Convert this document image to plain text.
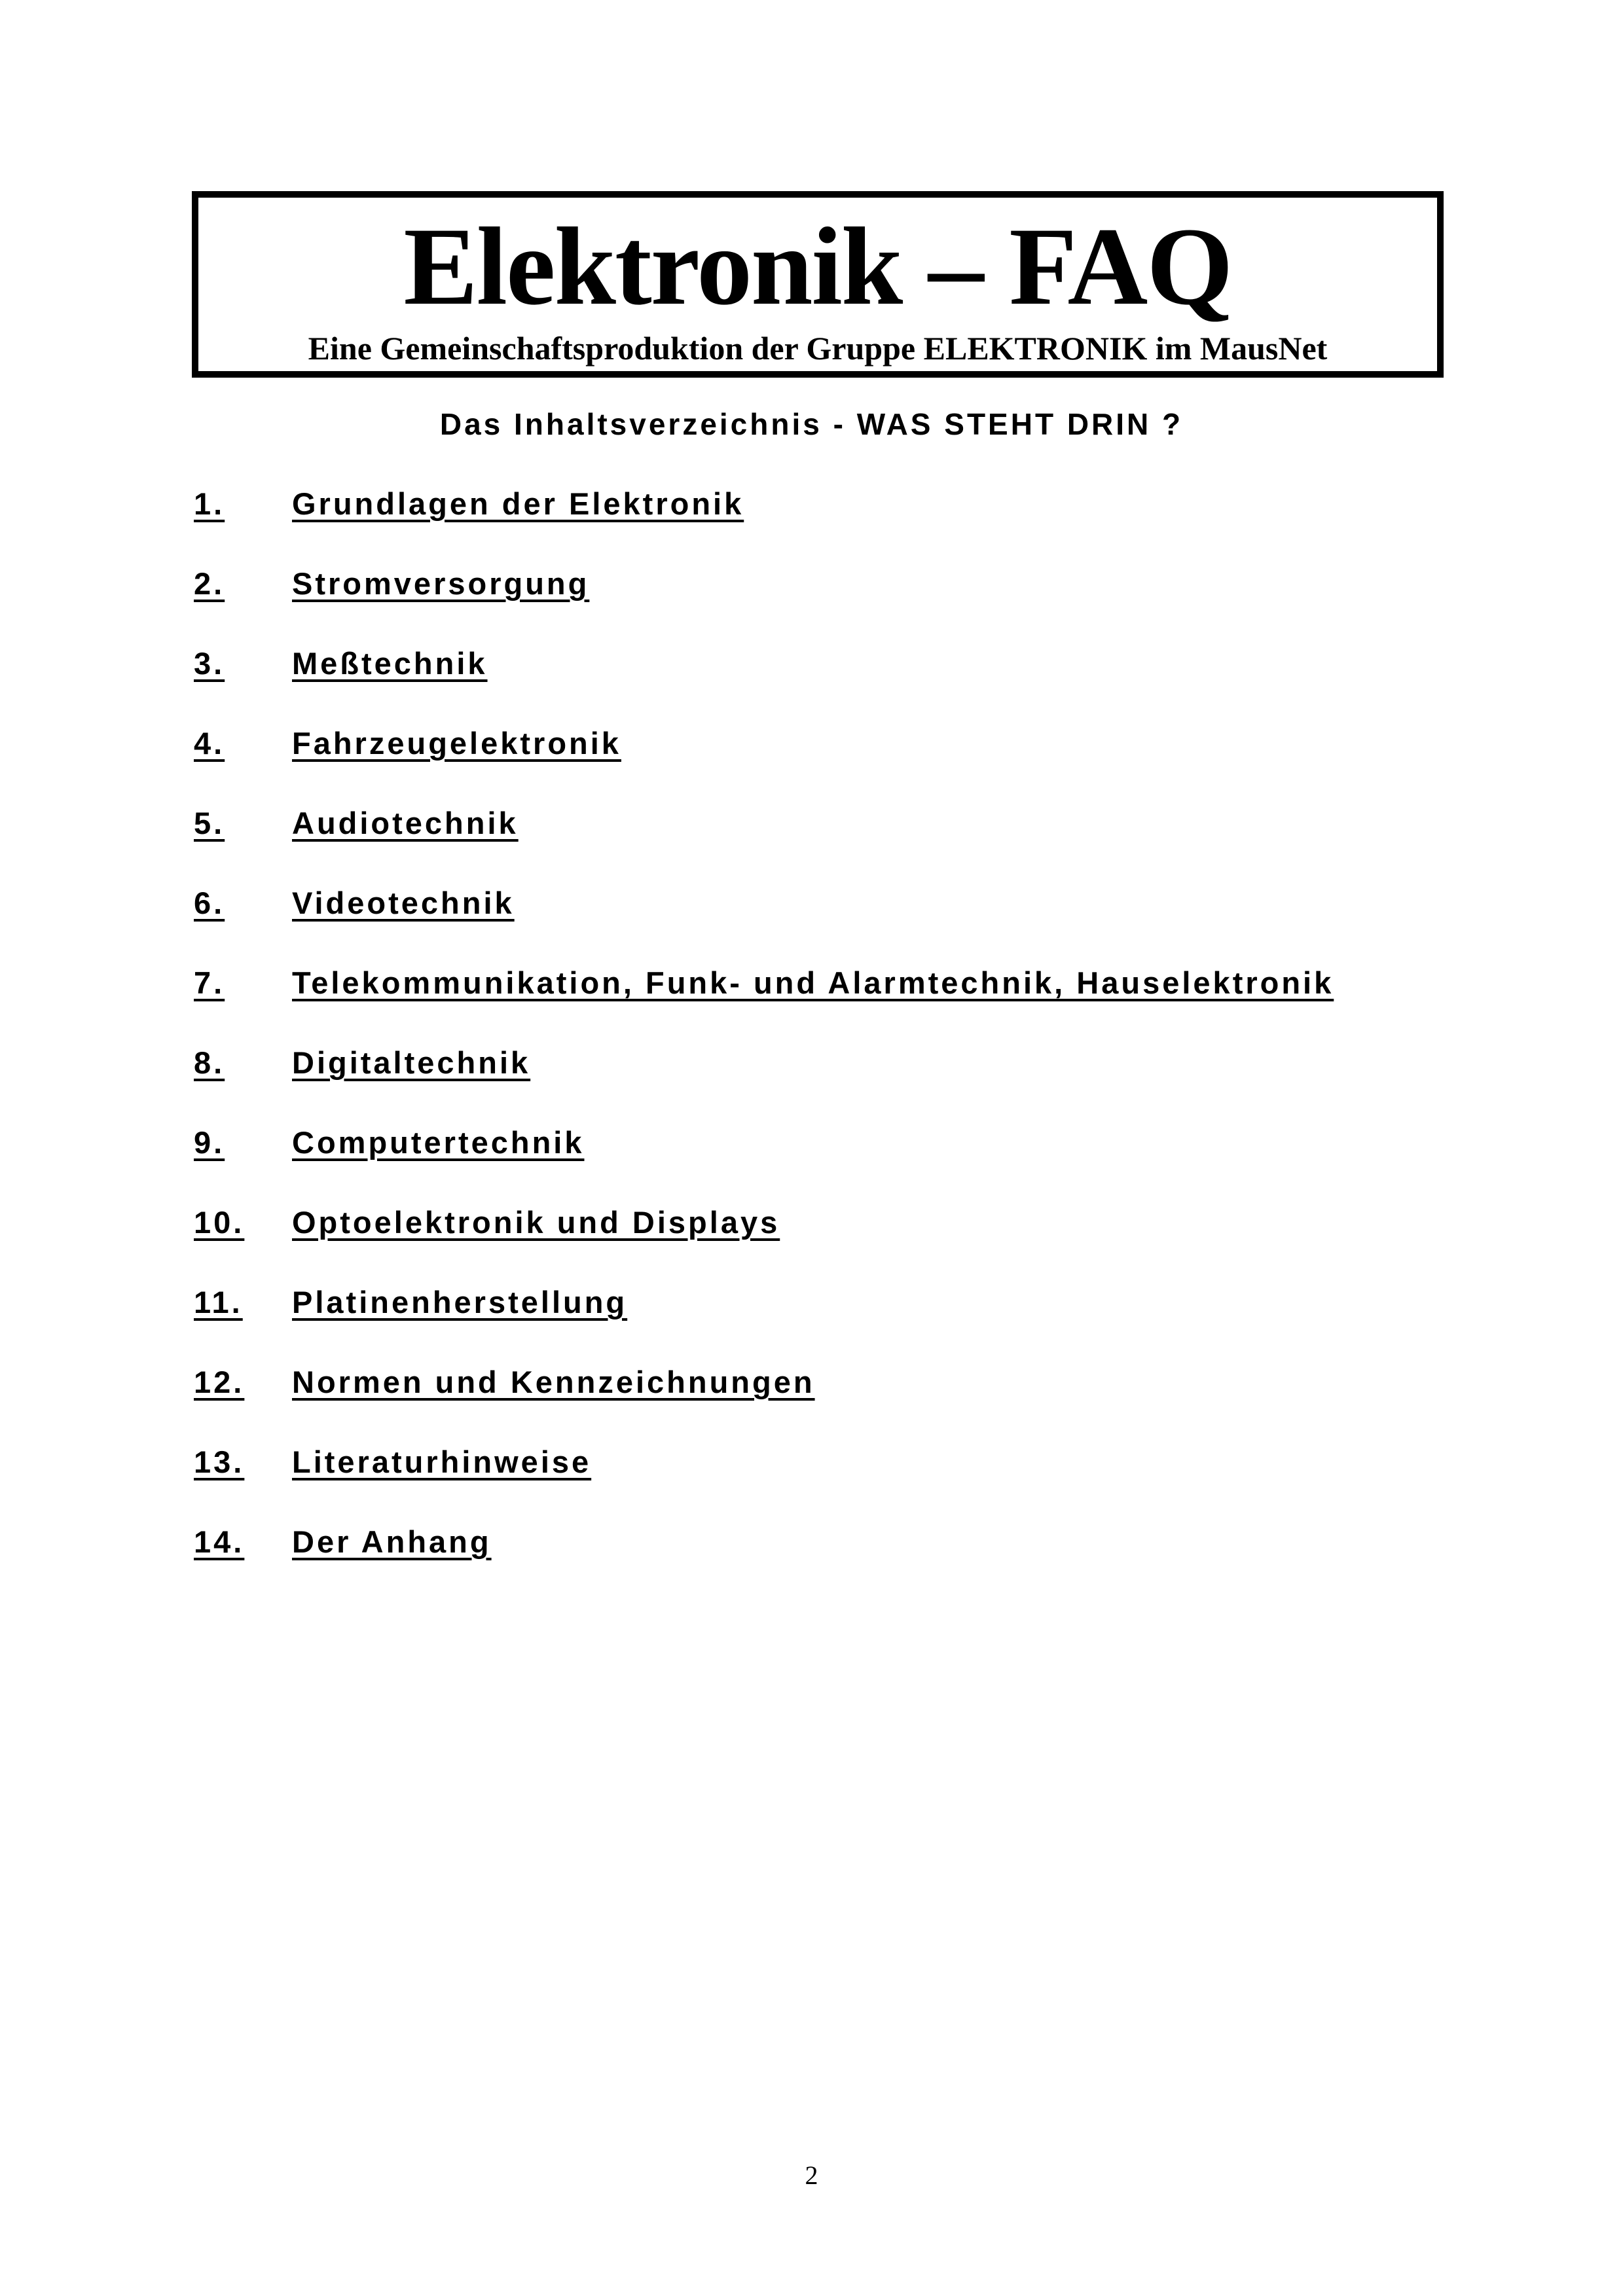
Elektronik – FAQ
Eine Gemeinschaftsproduktion der Gruppe ELEKTRONIK im MausNet
Das Inhaltsverzeichnis - WAS STEHT DRIN ?
1. Grundlagen der Elektronik
2. Stromversorgung
3. Meßtechnik
4. Fahrzeugelektronik
5. Audiotechnik
6. Videotechnik
7. Telekommunikation, Funk- und Alarmtechnik, Hauselektronik
8. Digitaltechnik
9. Computertechnik
10. Optoelektronik und Displays
11. Platinenherstellung
12. Normen und Kennzeichnungen
13. Literaturhinweise
14. Der Anhang
2
